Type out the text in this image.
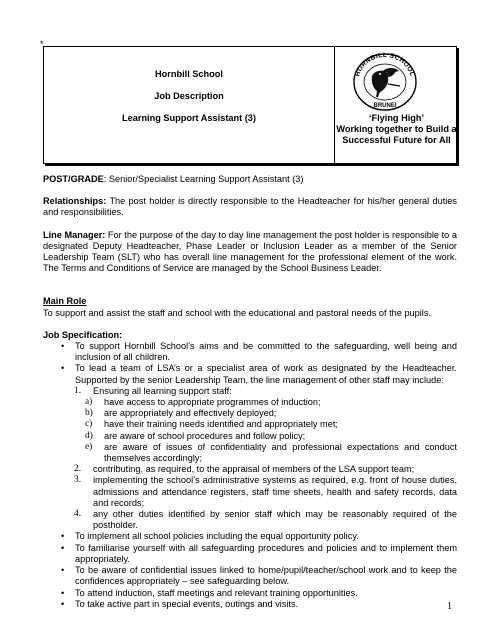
*
Hornbill School
Job Description
Learning Support Assistant (3)
HORNBILL SCHOOL
BRUNEI
‘Flying High’
Working together to Build a Successful Future for All
POST/GRADE: Senior/Specialist Learning Support Assistant (3)
Relationships: The post holder is directly responsible to the Headteacher for his/her general duties and responsibilities.
Line Manager: For the purpose of the day to day line management the post holder is responsible to a designated Deputy Headteacher, Phase Leader or Inclusion Leader as a member of the Senior Leadership Team (SLT) who has overall line management for the professional element of the work. The Terms and Conditions of Service are managed by the School Business Leader.
Main Role
To support and assist the staff and school with the educational and pastoral needs of the pupils.
Job Specification:
• To support Hornbill School’s aims and be committed to the safeguarding, well being and inclusion of all children.
• To lead a team of LSA’s or a specialist area of work as designated by the Headteacher. Supported by the senior Leadership Team, the line management of other staff may include:
1. Ensuring all learning support staff:
a) have access to appropriate programmes of induction;
b) are appropriately and effectively deployed;
c) have their training needs identified and appropriately met;
d) are aware of school procedures and follow policy;
e) are aware of issues of confidentiality and professional expectations and conduct themselves accordingly;
2. contributing, as required, to the appraisal of members of the LSA support team;
3. implementing the school’s administrative systems as required, e.g. front of house duties, admissions and attendance registers, staff time sheets, health and safety records, data and records;
4. any other duties identified by senior staff which may be reasonably required of the postholder.
• To implement all school policies including the equal opportunity policy.
• To familiarise yourself with all safeguarding procedures and policies and to implement them appropriately.
• To be aware of confidential issues linked to home/pupil/teacher/school work and to keep the confidences appropriately – see safeguarding below.
• To attend induction, staff meetings and relevant training opportunities.
• To take active part in special events, outings and visits.	1
